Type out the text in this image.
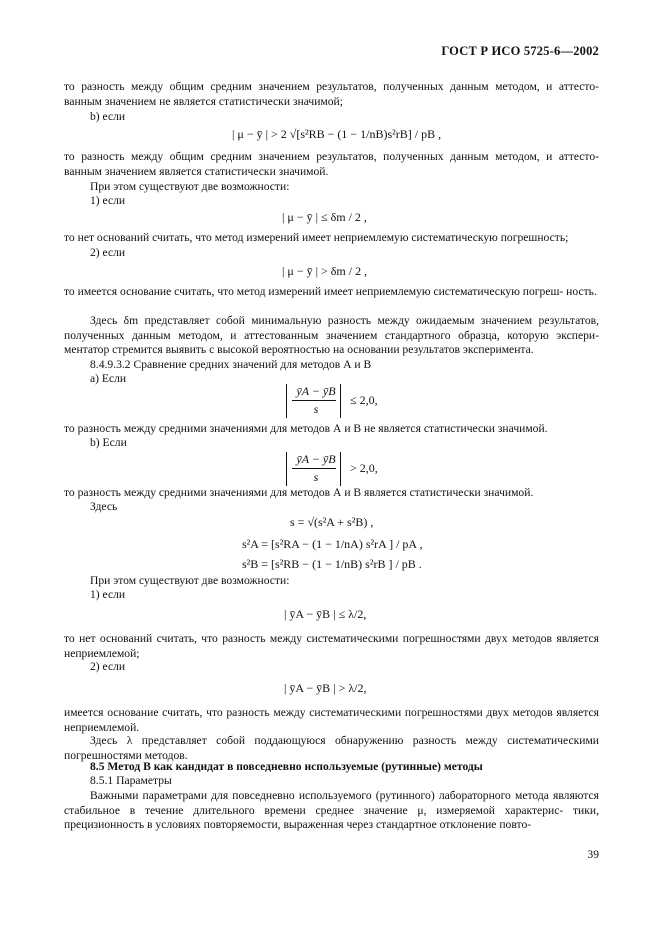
ГОСТ Р ИСО 5725-6—2002
то разность между общим средним значением результатов, полученных данным методом, и аттесто- ванным значением не является статистически значимой;
b) если
| μ − ȳ | > 2 √[s²RB − (1 − 1/nB)s²rB] / pB ,
то разность между общим средним значением результатов, полученных данным методом, и аттесто- ванным значением является статистически значимой.
При этом существуют две возможности:
1) если
| μ − ȳ | ≤ δm / 2 ,
то нет оснований считать, что метод измерений имеет неприемлемую систематическую погрешность;
2) если
| μ − ȳ | > δm / 2 ,
то имеется основание считать, что метод измерений имеет неприемлемую систематическую погреш- ность.
Здесь δm представляет собой минимальную разность между ожидаемым значением результатов, полученных данным методом, и аттестованным значением стандартного образца, которую экспери- ментатор стремится выявить с высокой вероятностью на основании результатов эксперимента.
8.4.9.3.2 Сравнение средних значений для методов А и В
а) Если
ȳA − ȳB
s
≤ 2,0,
то разность между средними значениями для методов А и В не является статистически значимой.
b) Если
ȳA − ȳB
s
> 2,0,
то разность между средними значениями для методов А и В является статистически значимой.
Здесь
s = √(s²A + s²B) ,
s²A = [s²RA − (1 − 1/nA) s²rA ] / pA ,
s²B = [s²RB − (1 − 1/nB) s²rB ] / pB .
При этом существуют две возможности:
1) если
| ȳA − ȳB | ≤ λ/2,
то нет оснований считать, что разность между систематическими погрешностями двух методов является неприемлемой;
2) если
| ȳA − ȳB | > λ/2,
имеется основание считать, что разность между систематическими погрешностями двух методов является неприемлемой.
Здесь λ представляет собой поддающуюся обнаружению разность между систематическими погрешностями методов.
8.5 Метод В как кандидат в повседневно используемые (рутинные) методы
8.5.1 Параметры
Важными параметрами для повседневно используемого (рутинного) лабораторного метода являются стабильное в течение длительного времени среднее значение μ, измеряемой характерис- тики, прецизионность в условиях повторяемости, выраженная через стандартное отклонение повто-
39
